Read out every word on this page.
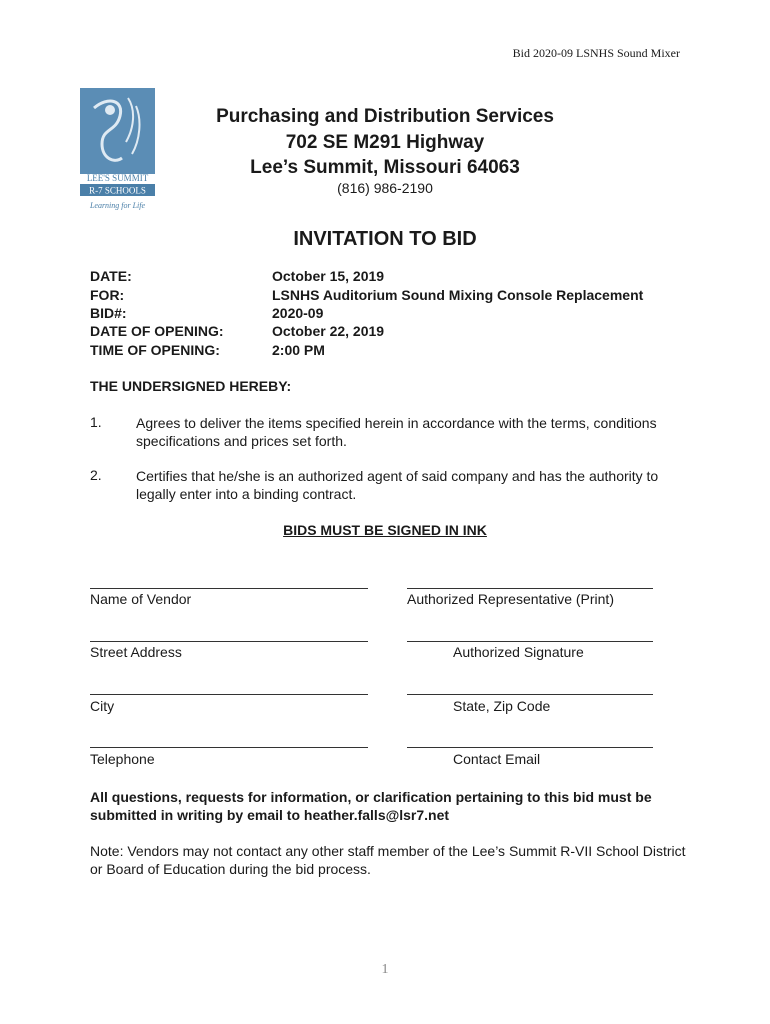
Bid 2020-09 LSNHS Sound Mixer
LEE'S SUMMIT
R-7 SCHOOLS
Learning for Life
Purchasing and Distribution Services
702 SE M291 Highway
Lee’s Summit, Missouri 64063
(816) 986-2190
INVITATION TO BID
DATE:	October 15, 2019
FOR:	LSNHS Auditorium Sound Mixing Console Replacement
BID#:	2020-09
DATE OF OPENING:	October 22, 2019
TIME OF OPENING:	2:00 PM
THE UNDERSIGNED HEREBY:
1. Agrees to deliver the items specified herein in accordance with the terms, conditions specifications and prices set forth.
2. Certifies that he/she is an authorized agent of said company and has the authority to legally enter into a binding contract.
BIDS MUST BE SIGNED IN INK
Name of Vendor	Authorized Representative (Print)
Street Address	Authorized Signature
City	State, Zip Code
Telephone	Contact Email
All questions, requests for information, or clarification pertaining to this bid must be submitted in writing by email to heather.falls@lsr7.net
Note: Vendors may not contact any other staff member of the Lee’s Summit R-VII School District or Board of Education during the bid process.
1
